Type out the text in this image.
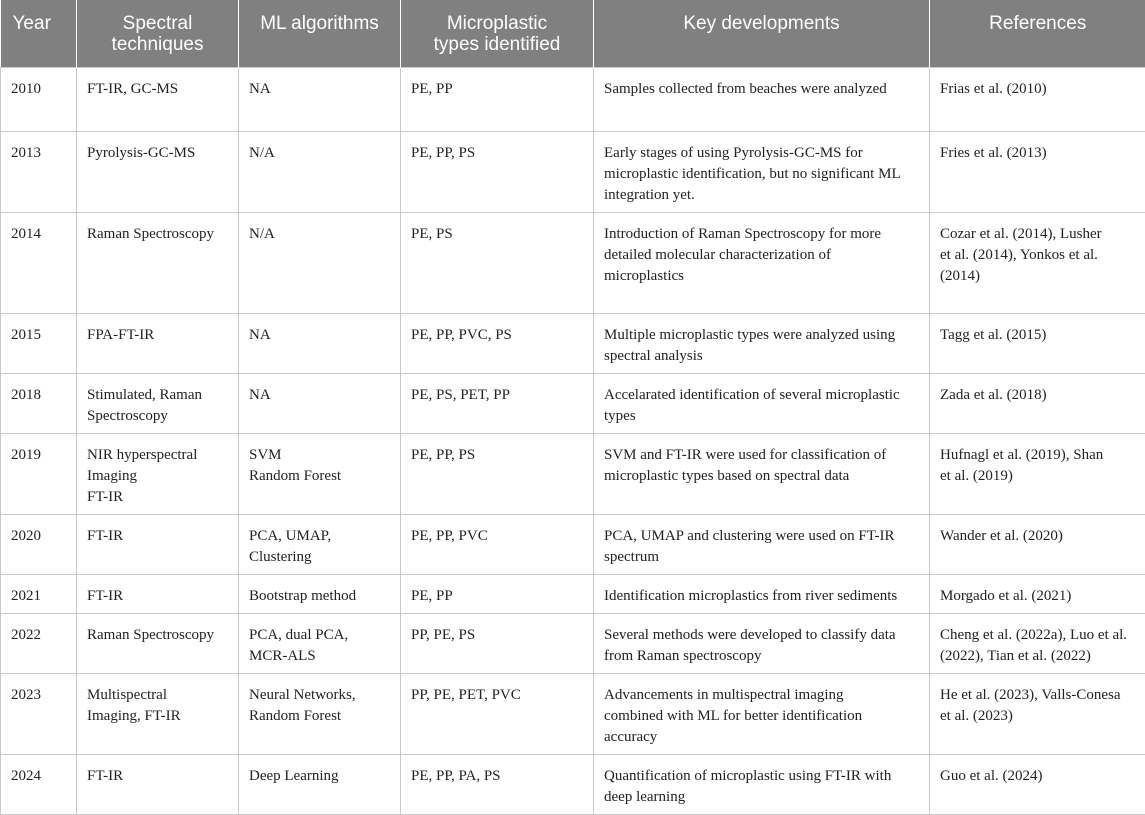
Year	Spectral
techniques	ML algorithms	Microplastic
types identified	Key developments	References
2010	FT-IR, GC-MS	NA	PE, PP	Samples collected from beaches were analyzed	Frias et al. (2010)
2013	Pyrolysis-GC-MS	N/A	PE, PP, PS	Early stages of using Pyrolysis-GC-MS for
microplastic identification, but no significant ML
integration yet.	Fries et al. (2013)
2014	Raman Spectroscopy	N/A	PE, PS	Introduction of Raman Spectroscopy for more
detailed molecular characterization of
microplastics	Cozar et al. (2014), Lusher
et al. (2014), Yonkos et al.
(2014)
2015	FPA-FT-IR	NA	PE, PP, PVC, PS	Multiple microplastic types were analyzed using
spectral analysis	Tagg et al. (2015)
2018	Stimulated, Raman
Spectroscopy	NA	PE, PS, PET, PP	Accelarated identification of several microplastic
types	Zada et al. (2018)
2019	NIR hyperspectral
Imaging
FT-IR	SVM
Random Forest	PE, PP, PS	SVM and FT-IR were used for classification of
microplastic types based on spectral data	Hufnagl et al. (2019), Shan
et al. (2019)
2020	FT-IR	PCA, UMAP,
Clustering	PE, PP, PVC	PCA, UMAP and clustering were used on FT-IR
spectrum	Wander et al. (2020)
2021	FT-IR	Bootstrap method	PE, PP	Identification microplastics from river sediments	Morgado et al. (2021)
2022	Raman Spectroscopy	PCA, dual PCA,
MCR-ALS	PP, PE, PS	Several methods were developed to classify data
from Raman spectroscopy	Cheng et al. (2022a), Luo et al.
(2022), Tian et al. (2022)
2023	Multispectral
Imaging, FT-IR	Neural Networks,
Random Forest	PP, PE, PET, PVC	Advancements in multispectral imaging
combined with ML for better identification
accuracy	He et al. (2023), Valls-Conesa
et al. (2023)
2024	FT-IR	Deep Learning	PE, PP, PA, PS	Quantification of microplastic using FT-IR with
deep learning	Guo et al. (2024)
